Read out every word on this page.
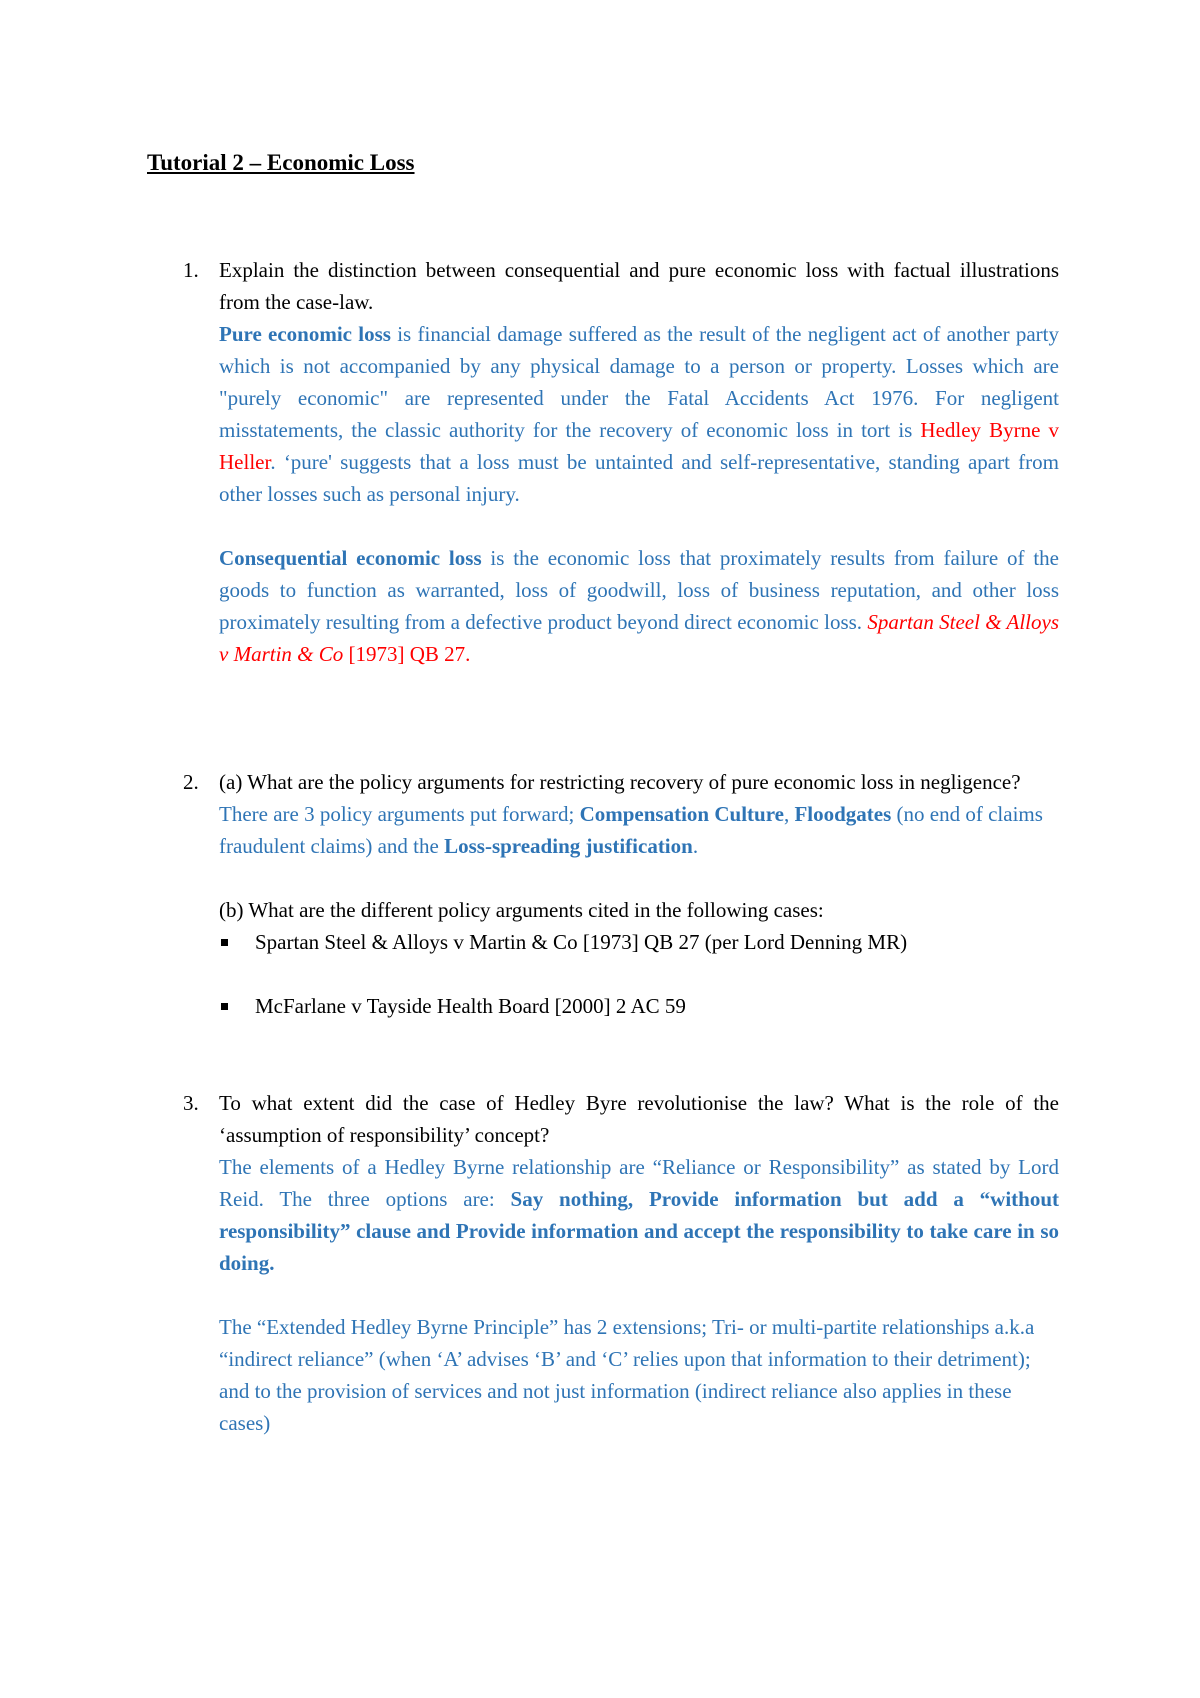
Tutorial 2 – Economic Loss
1. Explain the distinction between consequential and pure economic loss with factual illustrations from the case-law.

Pure economic loss is financial damage suffered as the result of the negligent act of another party which is not accompanied by any physical damage to a person or property. Losses which are "purely economic" are represented under the Fatal Accidents Act 1976. For negligent misstatements, the classic authority for the recovery of economic loss in tort is Hedley Byrne v Heller. ‘pure' suggests that a loss must be untainted and self-representative, standing apart from other losses such as personal injury.

Consequential economic loss is the economic loss that proximately results from failure of the goods to function as warranted, loss of goodwill, loss of business reputation, and other loss proximately resulting from a defective product beyond direct economic loss. Spartan Steel & Alloys v Martin & Co [1973] QB 27.

2. (a) What are the policy arguments for restricting recovery of pure economic loss in negligence?

There are 3 policy arguments put forward; Compensation Culture, Floodgates (no end of claims fraudulent claims) and the Loss-spreading justification.

(b) What are the different policy arguments cited in the following cases:

Spartan Steel & Alloys v Martin & Co [1973] QB 27 (per Lord Denning MR)
McFarlane v Tayside Health Board [2000] 2 AC 59
3. To what extent did the case of Hedley Byre revolutionise the law? What is the role of the ‘assumption of responsibility’ concept?

The elements of a Hedley Byrne relationship are “Reliance or Responsibility” as stated by Lord Reid. The three options are: Say nothing, Provide information but add a “without responsibility” clause and Provide information and accept the responsibility to take care in so doing.

The “Extended Hedley Byrne Principle” has 2 extensions; Tri- or multi-partite relationships a.k.a “indirect reliance” (when ‘A’ advises ‘B’ and ‘C’ relies upon that information to their detriment); and to the provision of services and not just information (indirect reliance also applies in these cases)
